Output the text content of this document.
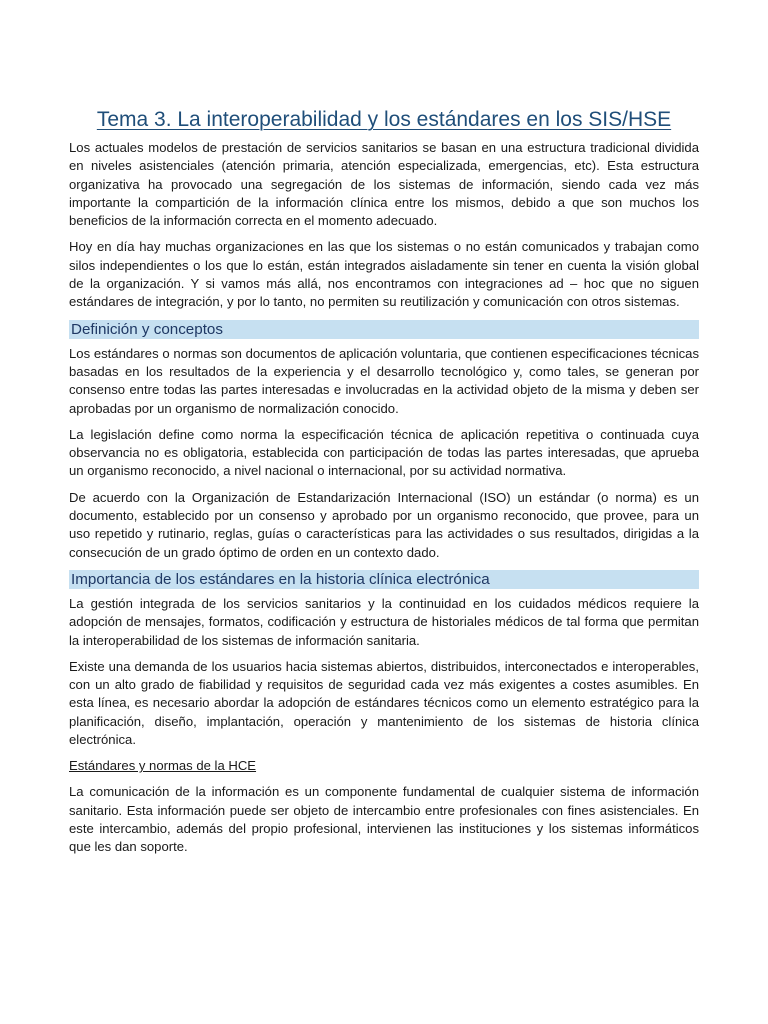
Tema 3. La interoperabilidad y los estándares en los SIS/HSE

Los actuales modelos de prestación de servicios sanitarios se basan en una estructura tradicional dividida en niveles asistenciales (atención primaria, atención especializada, emergencias, etc). Esta estructura organizativa ha provocado una segregación de los sistemas de información, siendo cada vez más importante la compartición de la información clínica entre los mismos, debido a que son muchos los beneficios de la información correcta en el momento adecuado.

Hoy en día hay muchas organizaciones en las que los sistemas o no están comunicados y trabajan como silos independientes o los que lo están, están integrados aisladamente sin tener en cuenta la visión global de la organización. Y si vamos más allá, nos encontramos con integraciones ad – hoc que no siguen estándares de integración, y por lo tanto, no permiten su reutilización y comunicación con otros sistemas.

Definición y conceptos

Los estándares o normas son documentos de aplicación voluntaria, que contienen especificaciones técnicas basadas en los resultados de la experiencia y el desarrollo tecnológico y, como tales, se generan por consenso entre todas las partes interesadas e involucradas en la actividad objeto de la misma y deben ser aprobadas por un organismo de normalización conocido.

La legislación define como norma la especificación técnica de aplicación repetitiva o continuada cuya observancia no es obligatoria, establecida con participación de todas las partes interesadas, que aprueba un organismo reconocido, a nivel nacional o internacional, por su actividad normativa.

De acuerdo con la Organización de Estandarización Internacional (ISO) un estándar (o norma) es un documento, establecido por un consenso y aprobado por un organismo reconocido, que provee, para un uso repetido y rutinario, reglas, guías o características para las actividades o sus resultados, dirigidas a la consecución de un grado óptimo de orden en un contexto dado.

Importancia de los estándares en la historia clínica electrónica

La gestión integrada de los servicios sanitarios y la continuidad en los cuidados médicos requiere la adopción de mensajes, formatos, codificación y estructura de historiales médicos de tal forma que permitan la interoperabilidad de los sistemas de información sanitaria.

Existe una demanda de los usuarios hacia sistemas abiertos, distribuidos, interconectados e interoperables, con un alto grado de fiabilidad y requisitos de seguridad cada vez más exigentes a costes asumibles. En esta línea, es necesario abordar la adopción de estándares técnicos como un elemento estratégico para la planificación, diseño, implantación, operación y mantenimiento de los sistemas de historia clínica electrónica.

Estándares y normas de la HCE

La comunicación de la información es un componente fundamental de cualquier sistema de información sanitario. Esta información puede ser objeto de intercambio entre profesionales con fines asistenciales. En este intercambio, además del propio profesional, intervienen las instituciones y los sistemas informáticos que les dan soporte.
